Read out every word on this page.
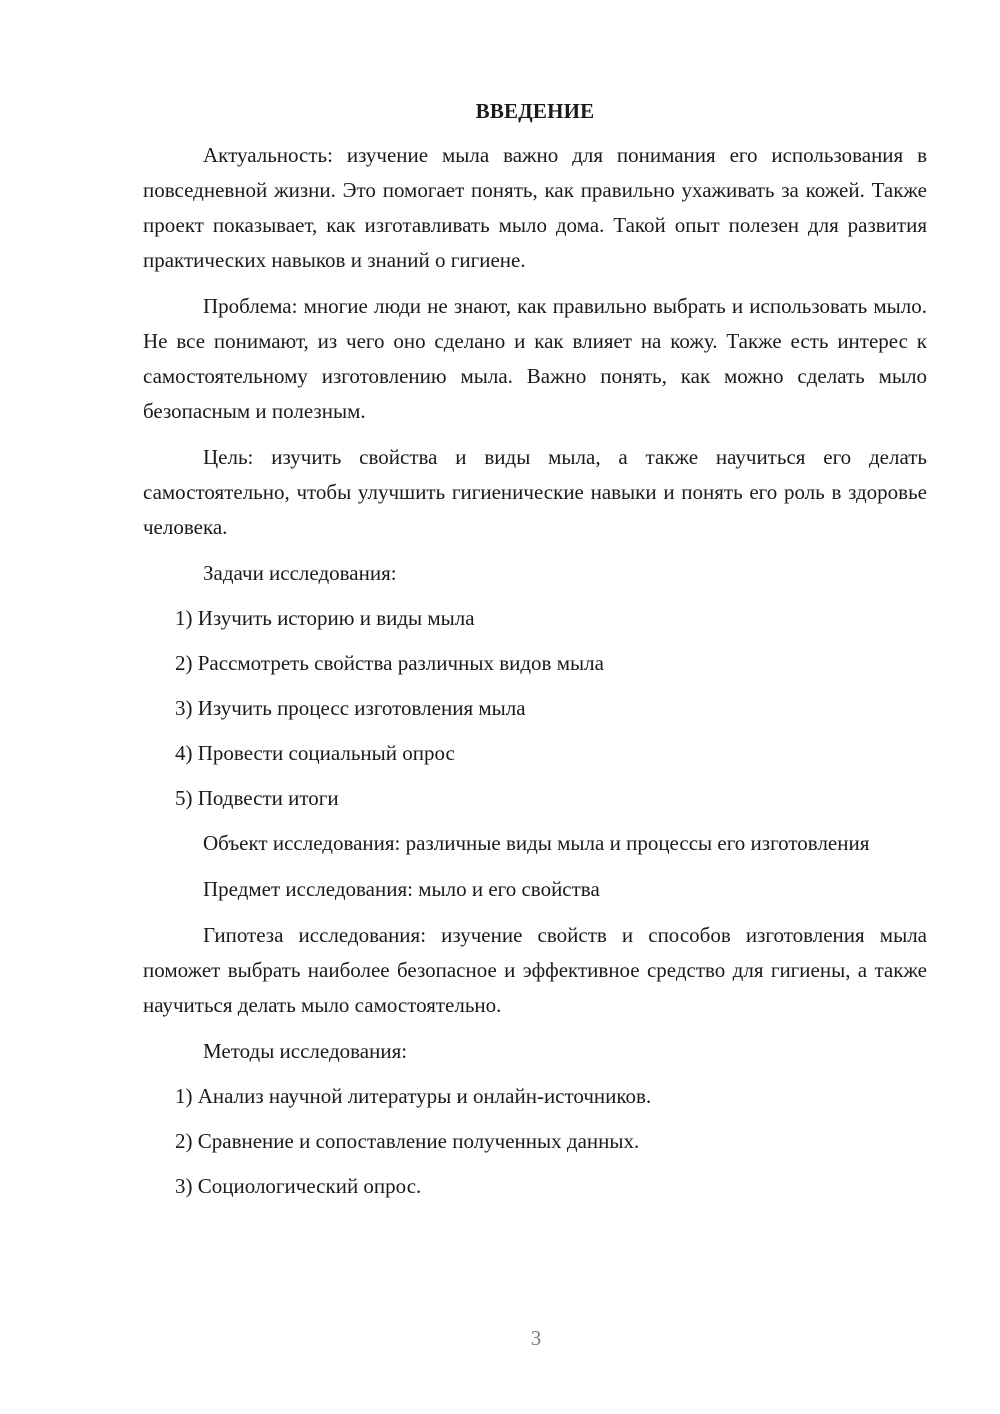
ВВЕДЕНИЕ

Актуальность: изучение мыла важно для понимания его использования в повседневной жизни. Это помогает понять, как правильно ухаживать за кожей. Также проект показывает, как изготавливать мыло дома. Такой опыт полезен для развития практических навыков и знаний о гигиене.

Проблема: многие люди не знают, как правильно выбрать и использовать мыло. Не все понимают, из чего оно сделано и как влияет на кожу. Также есть интерес к самостоятельному изготовлению мыла. Важно понять, как можно сделать мыло безопасным и полезным.

Цель: изучить свойства и виды мыла, а также научиться его делать самостоятельно, чтобы улучшить гигиенические навыки и понять его роль в здоровье человека.

Задачи исследования:
1) Изучить историю и виды мыла
2) Рассмотреть свойства различных видов мыла
3) Изучить процесс изготовления мыла
4) Провести социальный опрос
5) Подвести итоги

Объект исследования: различные виды мыла и процессы его изготовления

Предмет исследования: мыло и его свойства

Гипотеза исследования: изучение свойств и способов изготовления мыла поможет выбрать наиболее безопасное и эффективное средство для гигиены, а также научиться делать мыло самостоятельно.

Методы исследования:
1) Анализ научной литературы и онлайн-источников.
2) Сравнение и сопоставление полученных данных.
3) Социологический опрос.
3
